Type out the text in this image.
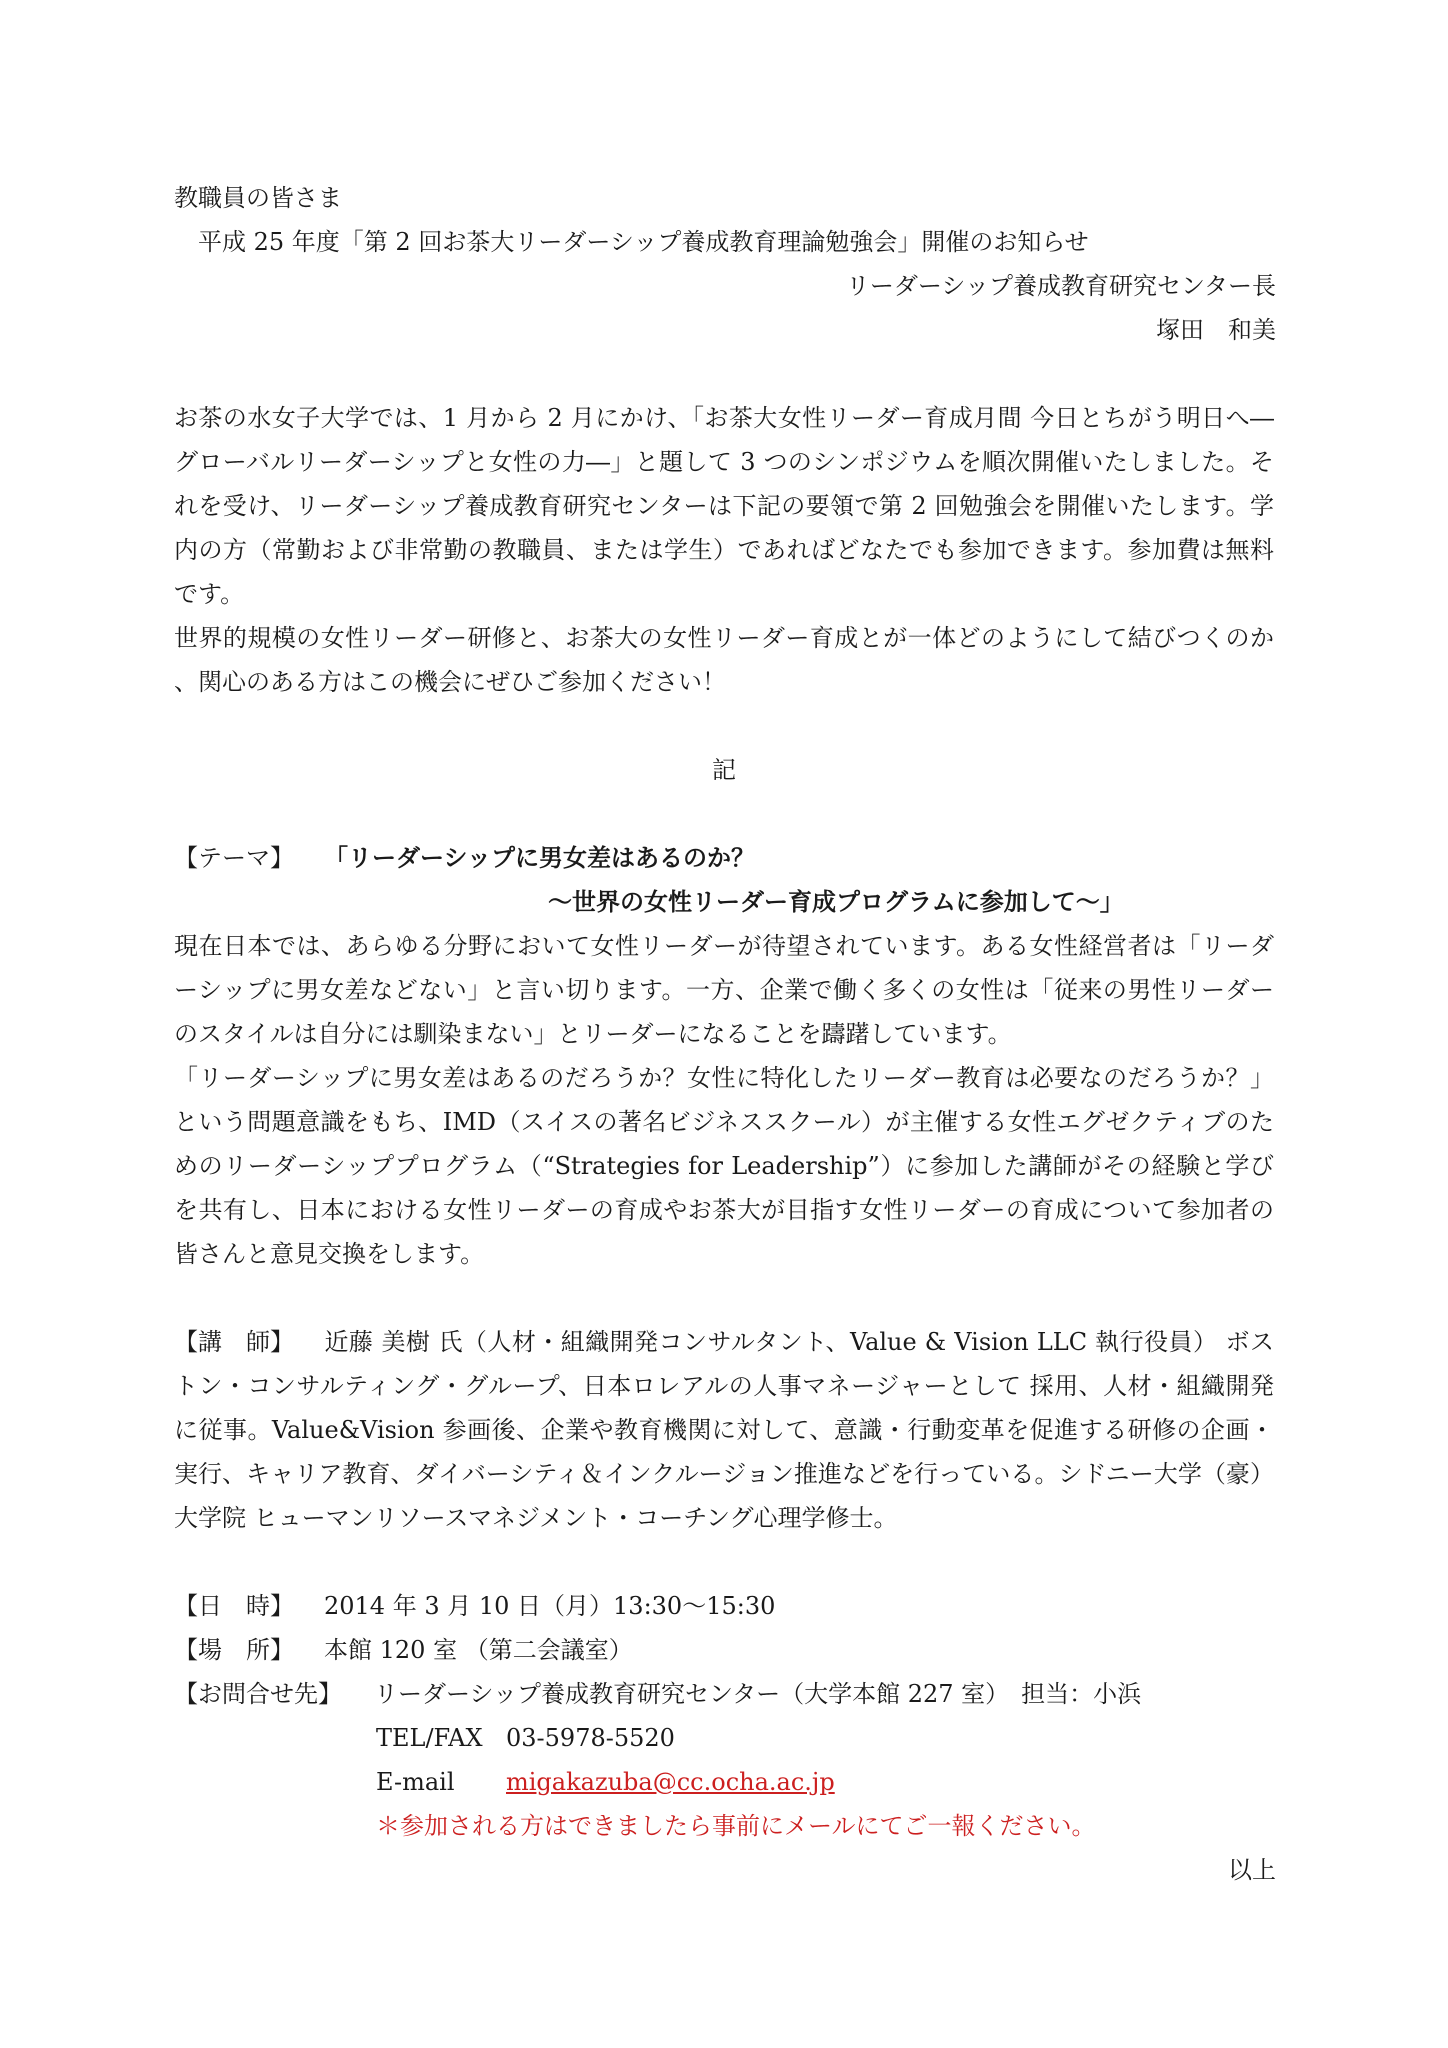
教職員の皆さま

平成 25 年度「第 2 回お茶大リーダーシップ養成教育理論勉強会」開催のお知らせ

リーダーシップ養成教育研究センター長

塚田　和美

お茶の水女子大学では、1 月から 2 月にかけ、「お茶大女性リーダー育成月間 今日とちがう明日へ―グローバルリーダーシップと女性の力―」と題して 3 つのシンポジウムを順次開催いたしました。それを受け、リーダーシップ養成教育研究センターは下記の要領で第 2 回勉強会を開催いたします。学内の方（常勤および非常勤の教職員、または学生）であればどなたでも参加できます。参加費は無料です。

世界的規模の女性リーダー研修と、お茶大の女性リーダー育成とが一体どのようにして結びつくのか、関心のある方はこの機会にぜひご参加ください！

記

【テーマ】 「リーダーシップに男女差はあるのか？

～世界の女性リーダー育成プログラムに参加して～」

現在日本では、あらゆる分野において女性リーダーが待望されています。ある女性経営者は「リーダーシップに男女差などない」と言い切ります。一方、企業で働く多くの女性は「従来の男性リーダーのスタイルは自分には馴染まない」とリーダーになることを躊躇しています。

「リーダーシップに男女差はあるのだろうか？女性に特化したリーダー教育は必要なのだろうか？」という問題意識をもち、IMD（スイスの著名ビジネススクール）が主催する女性エグゼクティブのためのリーダーシッププログラム（“Strategies for Leadership”）に参加した講師がその経験と学びを共有し、日本における女性リーダーの育成やお茶大が目指す女性リーダーの育成について参加者の皆さんと意見交換をします。

【講　師】 近藤 美樹 氏（人材・組織開発コンサルタント、Value & Vision LLC 執行役員） ボストン・コンサルティング・グループ、日本ロレアルの人事マネージャーとして 採用、人材・組織開発に従事。Value&Vision 参画後、企業や教育機関に対して、意識・行動変革を促進する研修の企画・実行、キャリア教育、ダイバーシティ＆インクルージョン推進などを行っている。シドニー大学（豪）大学院 ヒューマンリソースマネジメント・コーチング心理学修士。

【日　時】 2014 年 3 月 10 日（月）13:30～15:30

【場　所】 本館 120 室 （第二会議室）

【お問合せ先】 リーダーシップ養成教育研究センター（大学本館 227 室）　担当：小浜

TEL/FAX 03-5978-5520

E-mail migakazuba@cc.ocha.ac.jp

＊参加される方はできましたら事前にメールにてご一報ください。

以上
